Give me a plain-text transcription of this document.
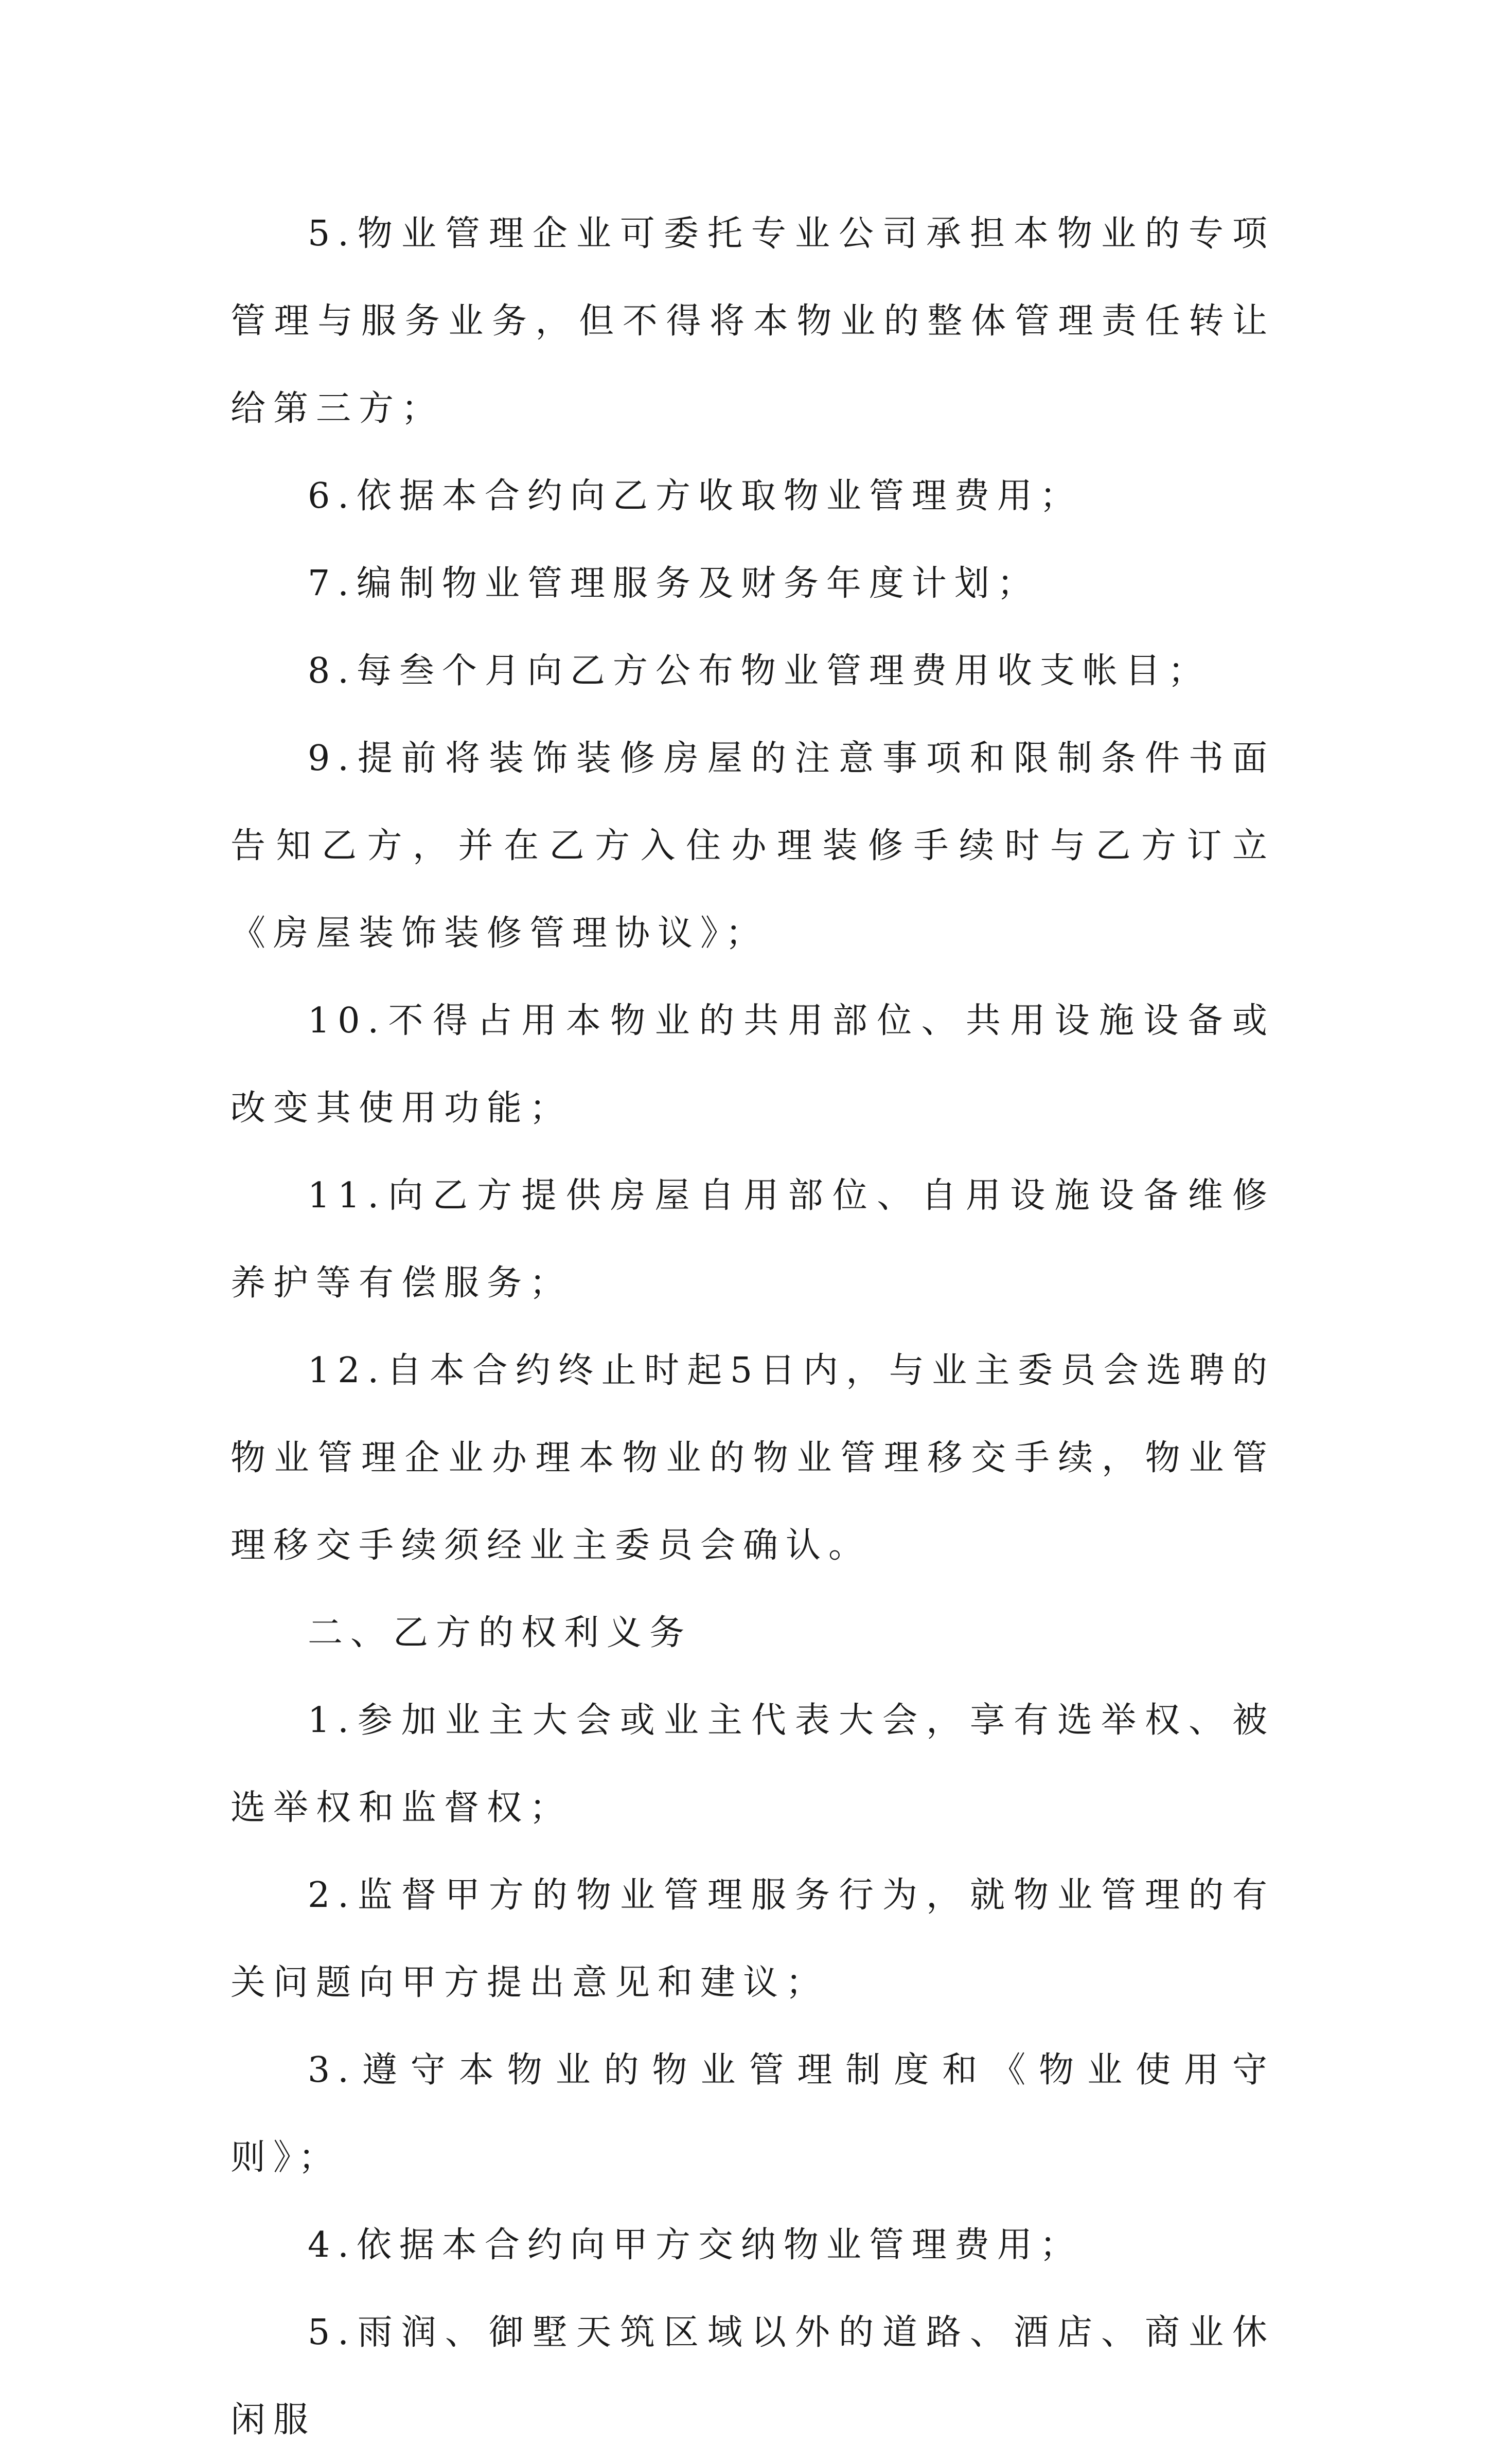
5.物业管理企业可委托专业公司承担本物业的专项管理与服务业务，但不得将本物业的整体管理责任转让给第三方；

6.依据本合约向乙方收取物业管理费用；

7.编制物业管理服务及财务年度计划；

8.每叁个月向乙方公布物业管理费用收支帐目；

9.提前将装饰装修房屋的注意事项和限制条件书面告知乙方，并在乙方入住办理装修手续时与乙方订立《房屋装饰装修管理协议》；

10.不得占用本物业的共用部位、共用设施设备或改变其使用功能；

11.向乙方提供房屋自用部位、自用设施设备维修养护等有偿服务；

12.自本合约终止时起5日内，与业主委员会选聘的物业管理企业办理本物业的物业管理移交手续，物业管理移交手续须经业主委员会确认。

二、乙方的权利义务

1.参加业主大会或业主代表大会，享有选举权、被选举权和监督权；

2.监督甲方的物业管理服务行为，就物业管理的有关问题向甲方提出意见和建议；

3.遵守本物业的物业管理制度和《物业使用守则》；

4.依据本合约向甲方交纳物业管理费用；

5.雨润、御墅天筑区域以外的道路、酒店、商业休闲服
